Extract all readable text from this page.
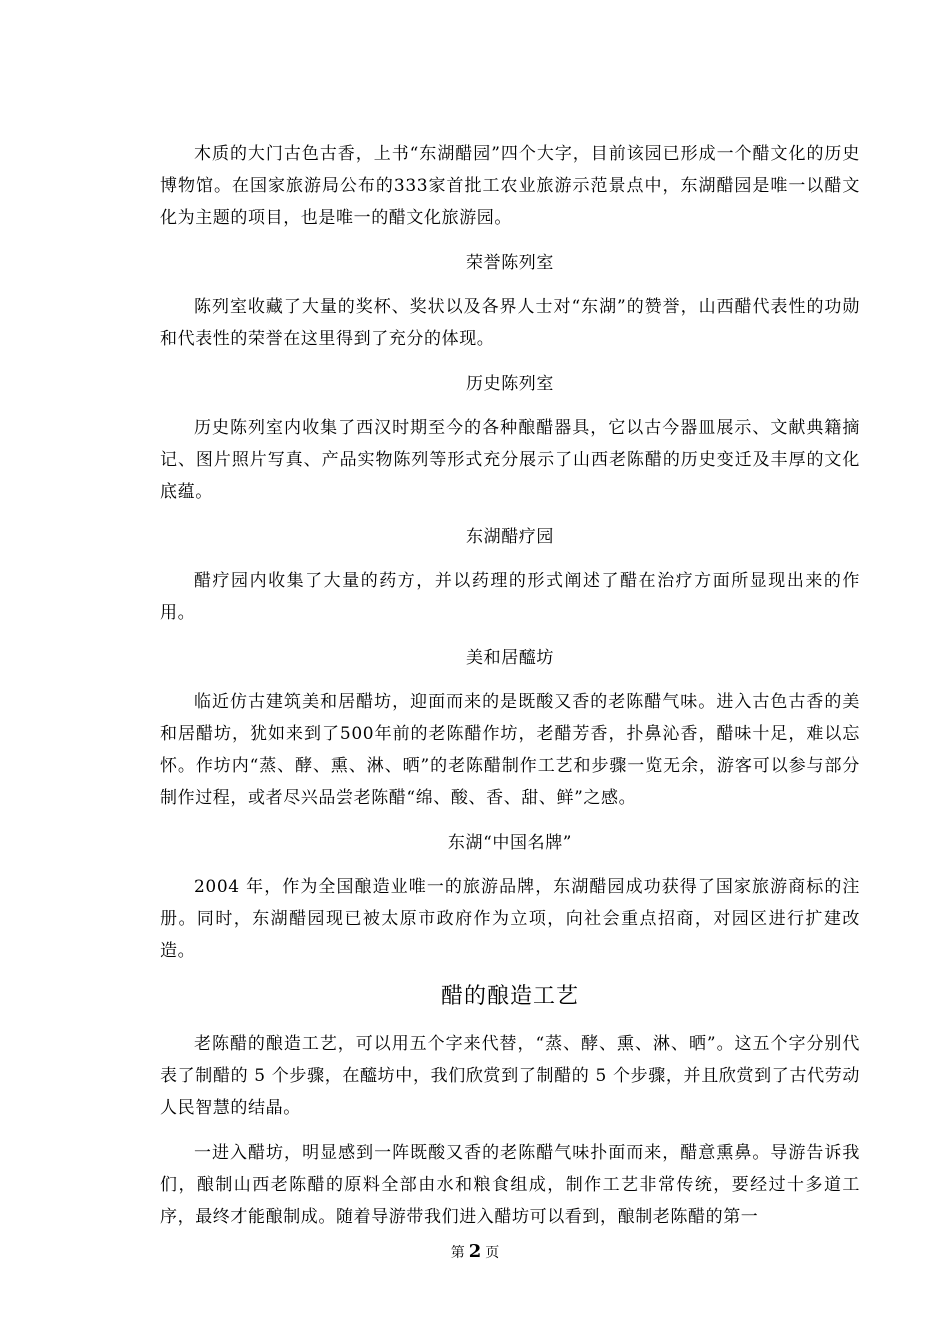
木质的大门古色古香，上书“东湖醋园”四个大字，目前该园已形成一个醋文化的历史博物馆。在国家旅游局公布的333家首批工农业旅游示范景点中，东湖醋园是唯一以醋文化为主题的项目，也是唯一的醋文化旅游园。

荣誉陈列室

陈列室收藏了大量的奖杯、奖状以及各界人士对“东湖”的赞誉，山西醋代表性的功勋和代表性的荣誉在这里得到了充分的体现。

历史陈列室

历史陈列室内收集了西汉时期至今的各种酿醋器具，它以古今器皿展示、文献典籍摘记、图片照片写真、产品实物陈列等形式充分展示了山西老陈醋的历史变迁及丰厚的文化底蕴。

东湖醋疗园

醋疗园内收集了大量的药方，并以药理的形式阐述了醋在治疗方面所显现出来的作用。

美和居醯坊

临近仿古建筑美和居醋坊，迎面而来的是既酸又香的老陈醋气味。进入古色古香的美和居醋坊，犹如来到了500年前的老陈醋作坊，老醋芳香，扑鼻沁香，醋味十足，难以忘怀。作坊内“蒸、酵、熏、淋、晒”的老陈醋制作工艺和步骤一览无余，游客可以参与部分制作过程，或者尽兴品尝老陈醋“绵、酸、香、甜、鲜”之感。

东湖“中国名牌”

2004 年，作为全国酿造业唯一的旅游品牌，东湖醋园成功获得了国家旅游商标的注册。同时，东湖醋园现已被太原市政府作为立项，向社会重点招商，对园区进行扩建改造。

醋的酿造工艺

老陈醋的酿造工艺，可以用五个字来代替，“蒸、酵、熏、淋、晒”。这五个字分别代表了制醋的 5 个步骤，在醯坊中，我们欣赏到了制醋的 5 个步骤，并且欣赏到了古代劳动人民智慧的结晶。

一进入醋坊，明显感到一阵既酸又香的老陈醋气味扑面而来，醋意熏鼻。导游告诉我们，酿制山西老陈醋的原料全部由水和粮食组成，制作工艺非常传统，要经过十多道工序，最终才能酿制成。随着导游带我们进入醋坊可以看到，酿制老陈醋的第一

第 2 页
